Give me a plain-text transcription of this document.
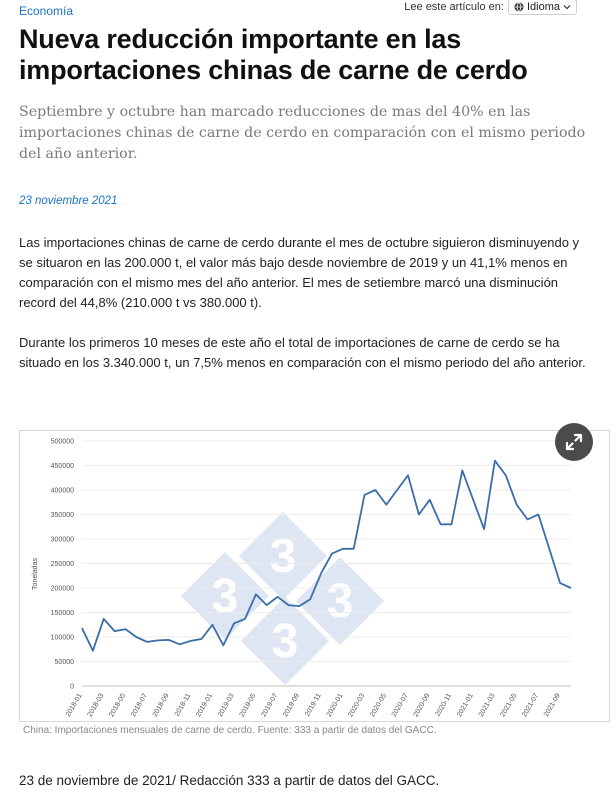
Economía	Lee este artículo en: Idioma
Nueva reducción importante en las importaciones chinas de carne de cerdo

Septiembre y octubre han marcado reducciones de mas del 40% en las importaciones chinas de carne de cerdo en comparación con el mismo periodo del año anterior.

23 noviembre 2021

Las importaciones chinas de carne de cerdo durante el mes de octubre siguieron disminuyendo y se situaron en las 200.000 t, el valor más bajo desde noviembre de 2019 y un 41,1% menos en comparación con el mismo mes del año anterior. El mes de setiembre marcó una disminución record del 44,8% (210.000 t vs 380.000 t).

Durante los primeros 10 meses de este año el total de importaciones de carne de cerdo se ha situado en los 3.340.000 t, un 7,5% menos en comparación con el mismo periodo del año anterior.

3
3
3
3
0
50000
100000
150000
200000
250000
300000
350000
400000
450000
500000
2018-01 2018-03 2018-05 2018-07 2018-09 2018-11 2019-01 2019-03 2019-05 2019-07 2019-09 2019-11 2020-01 2020-03 2020-05 2020-07 2020-09 2020-11 2021-01 2021-03 2021-05 2021-07 2021-09
Toneladas
China: Importaciones mensuales de carne de cerdo. Fuente: 333 a partir de datos del GACC.
23 de noviembre de 2021/ Redacción 333 a partir de datos del GACC.
